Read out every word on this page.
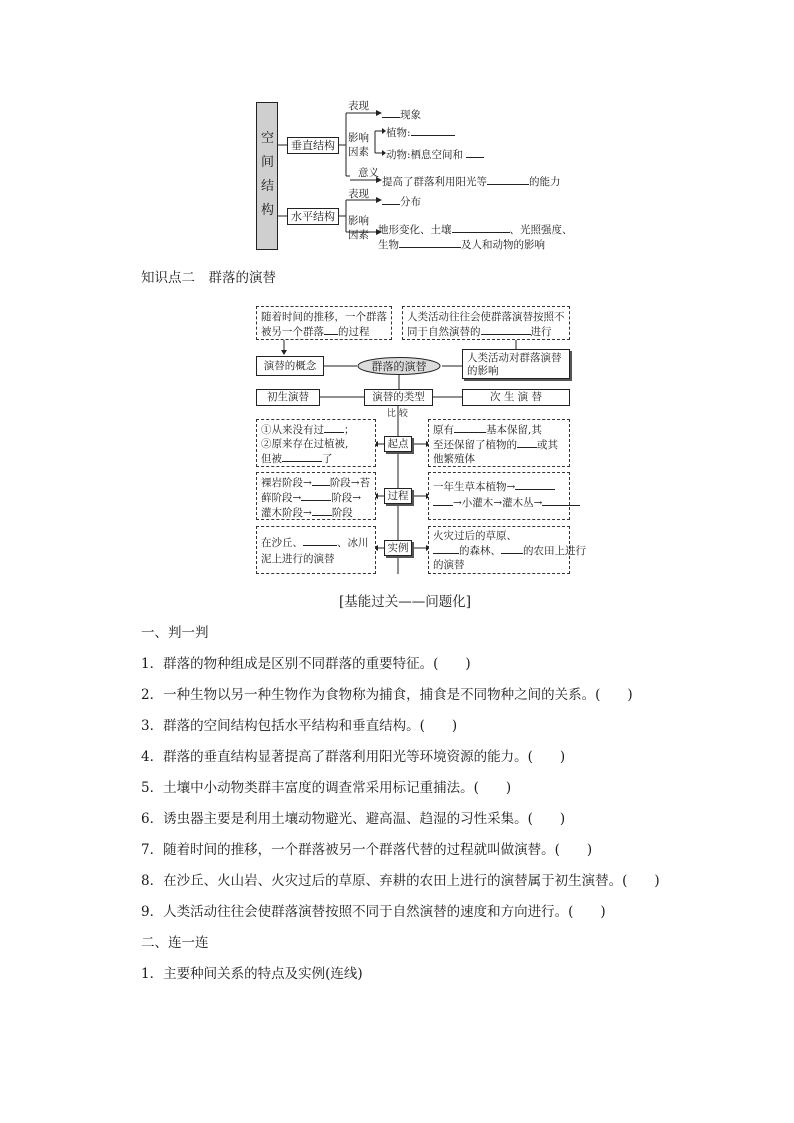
空
间
结
构
垂直结构
水平结构
表现
现象
影响因素
植物:
动物:栖息空间和
意义
提高了群落利用阳光等	的能力
表现
分布
影响因素 地形变化、土壤	、光照强度、
生物	及人和动物的影响
知识点二　群落的演替
随着时间的推移，一个群落
被另一个群落 的过程
人类活动往往会使群落演替按照不
同于自然演替的	进行
演替的概念	群落的演替
人类活动对群落演替
的影响
初生演替	演替的类型	次 生 演 替
比 较
①从来没有过 ；
②原来存在过植被,
但被	了
起点
原有	基本保留,其
至还保留了植物的 或其
他繁殖体
裸岩阶段→ 阶段→苔
藓阶段→	阶段→
灌木阶段→ 阶段
过程
一年生草本植物→
→小灌木→灌木丛→
在沙丘、	、冰川
泥上进行的演替
实例
火灾过后的草原、
的森林、 的农田上进行
的演替
[基能过关——问题化]
一、判一判
1．群落的物种组成是区别不同群落的重要特征。(　　)
2．一种生物以另一种生物作为食物称为捕食，捕食是不同物种之间的关系。(　　)
3．群落的空间结构包括水平结构和垂直结构。(　　)
4．群落的垂直结构显著提高了群落利用阳光等环境资源的能力。(　　)
5．土壤中小动物类群丰富度的调查常采用标记重捕法。(　　)
6．诱虫器主要是利用土壤动物避光、避高温、趋湿的习性采集。(　　)
7．随着时间的推移，一个群落被另一个群落代替的过程就叫做演替。(　　)
8．在沙丘、火山岩、火灾过后的草原、弃耕的农田上进行的演替属于初生演替。(　　)
9．人类活动往往会使群落演替按照不同于自然演替的速度和方向进行。(　　)
二、连一连
1．主要种间关系的特点及实例(连线)
